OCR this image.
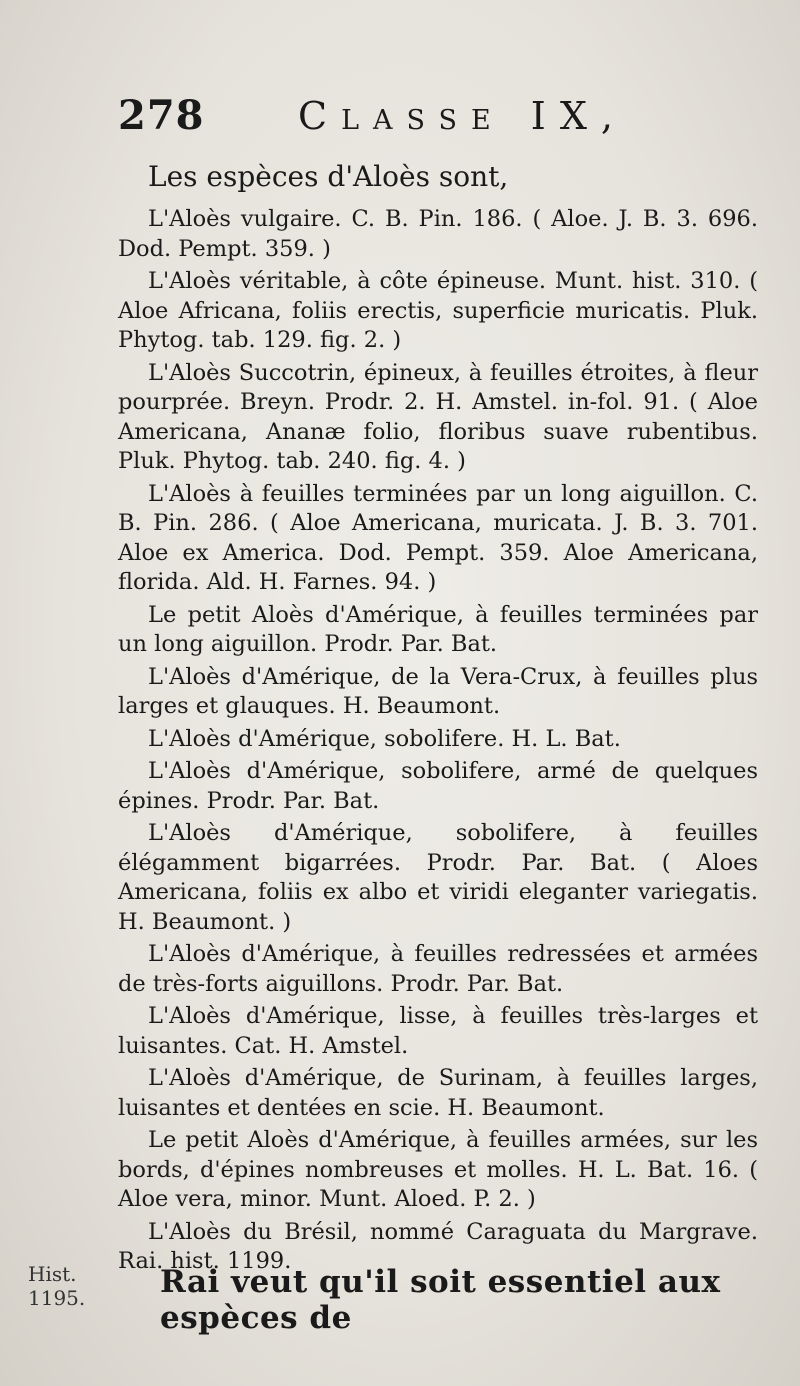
278 Classe IX,
Les espèces d'Aloès sont,

L'Aloès vulgaire. C. B. Pin. 186. ( Aloe. J. B. 3. 696. Dod. Pempt. 359. )

L'Aloès véritable, à côte épineuse. Munt. hist. 310. ( Aloe Africana, foliis erectis, superficie muricatis. Pluk. Phytog. tab. 129. fig. 2. )

L'Aloès Succotrin, épineux, à feuilles étroites, à fleur pourprée. Breyn. Prodr. 2. H. Amstel. in-fol. 91. ( Aloe Americana, Ananæ folio, floribus suave rubentibus. Pluk. Phytog. tab. 240. fig. 4. )

L'Aloès à feuilles terminées par un long aiguillon. C. B. Pin. 286. ( Aloe Americana, muricata. J. B. 3. 701. Aloe ex America. Dod. Pempt. 359. Aloe Americana, florida. Ald. H. Farnes. 94. )

Le petit Aloès d'Amérique, à feuilles terminées par un long aiguillon. Prodr. Par. Bat.

L'Aloès d'Amérique, de la Vera-Crux, à feuilles plus larges et glauques. H. Beaumont.

L'Aloès d'Amérique, sobolifere. H. L. Bat.

L'Aloès d'Amérique, sobolifere, armé de quelques épines. Prodr. Par. Bat.

L'Aloès d'Amérique, sobolifere, à feuilles élégamment bigarrées. Prodr. Par. Bat. ( Aloes Americana, foliis ex albo et viridi eleganter variegatis. H. Beaumont. )

L'Aloès d'Amérique, à feuilles redressées et armées de très-forts aiguillons. Prodr. Par. Bat.

L'Aloès d'Amérique, lisse, à feuilles très-larges et luisantes. Cat. H. Amstel.

L'Aloès d'Amérique, de Surinam, à feuilles larges, luisantes et dentées en scie. H. Beaumont.

Le petit Aloès d'Amérique, à feuilles armées, sur les bords, d'épines nombreuses et molles. H. L. Bat. 16. ( Aloe vera, minor. Munt. Aloed. P. 2. )

L'Aloès du Brésil, nommé Caraguata du Margrave. Rai. hist. 1199.

Hist.
1195.	Rai veut qu'il soit essentiel aux espèces de
